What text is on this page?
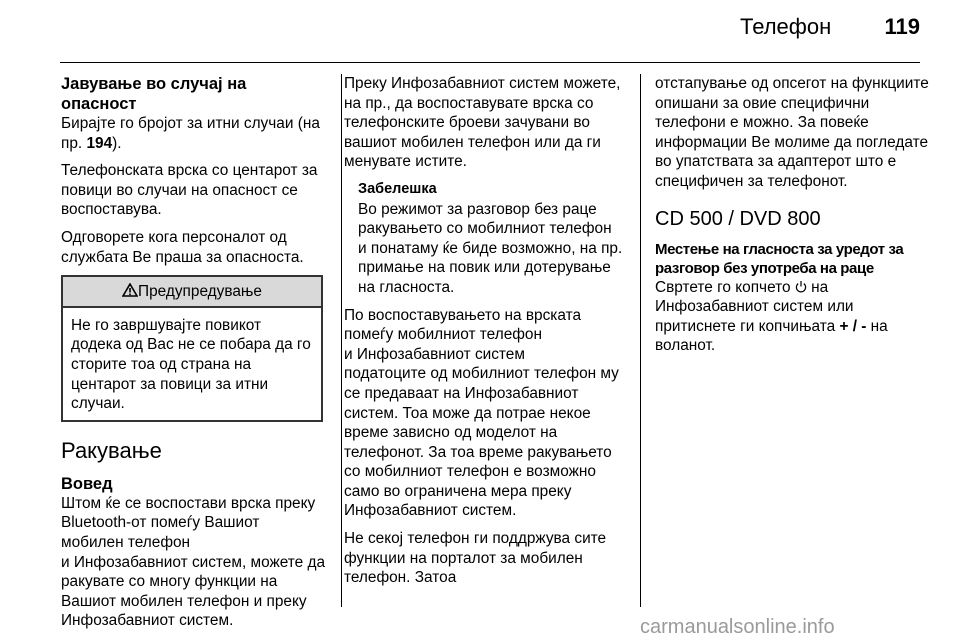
Телефон 119
Јавување во случај на опасност

Бирајте го бројот за итни случаи (на пр. 194).

Телефонската врска со центарот за повици во случаи на опасност се воспоставува.

Одговорете кога персоналот од службата Ве праша за опасноста.

Предупредување
Не го завршувајте повикот додека од Вас не се побара да го сторите тоа од страна на центарот за повици за итни случаи.
Ракување
Вовед
Штом ќе се воспостави врска преку Bluetooth-от помеѓу Вашиот мобилен телефон
и Инфозабавниот систем, можете да ракувате со многу функции на Вашиот мобилен телефон и преку Инфозабавниот систем.

Преку Инфозабавниот систем можете, на пр., да воспоставувате врска со телефонските броеви зачувани во вашиот мобилен телефон или да ги менувате истите.

Забелешка
Во режимот за разговор без раце ракувањето со мобилниот телефон и понатаму ќе биде возможно, на пр. примање на повик или дотерување на гласноста.
По воспоставувањето на врската помеѓу мобилниот телефон
и Инфозабавниот систем

податоците од мобилниот телефон му се предаваат на Инфозабавниот систем. Тоа може да потрае некое време зависно од моделот на телефонот. За тоа време ракувањето со мобилниот телефон е возможно само во ограничена мера преку Инфозабавниот систем.

Не секој телефон ги поддржува сите функции на порталот за мобилен телефон. Затоа

отстапување од опсегот на функциите опишани за овие специфични телефони е можно. За повеќе информации Ве молиме да погледате во упатствата за адаптерот што е специфичен за телефонот.

CD 500 / DVD 800
Местење на гласноста за уредот за разговор без употреба на раце

Свртете го копчето  на Инфозабавниот систем или притиснете ги копчињата + / - на воланот.

carmanualsonline.info
